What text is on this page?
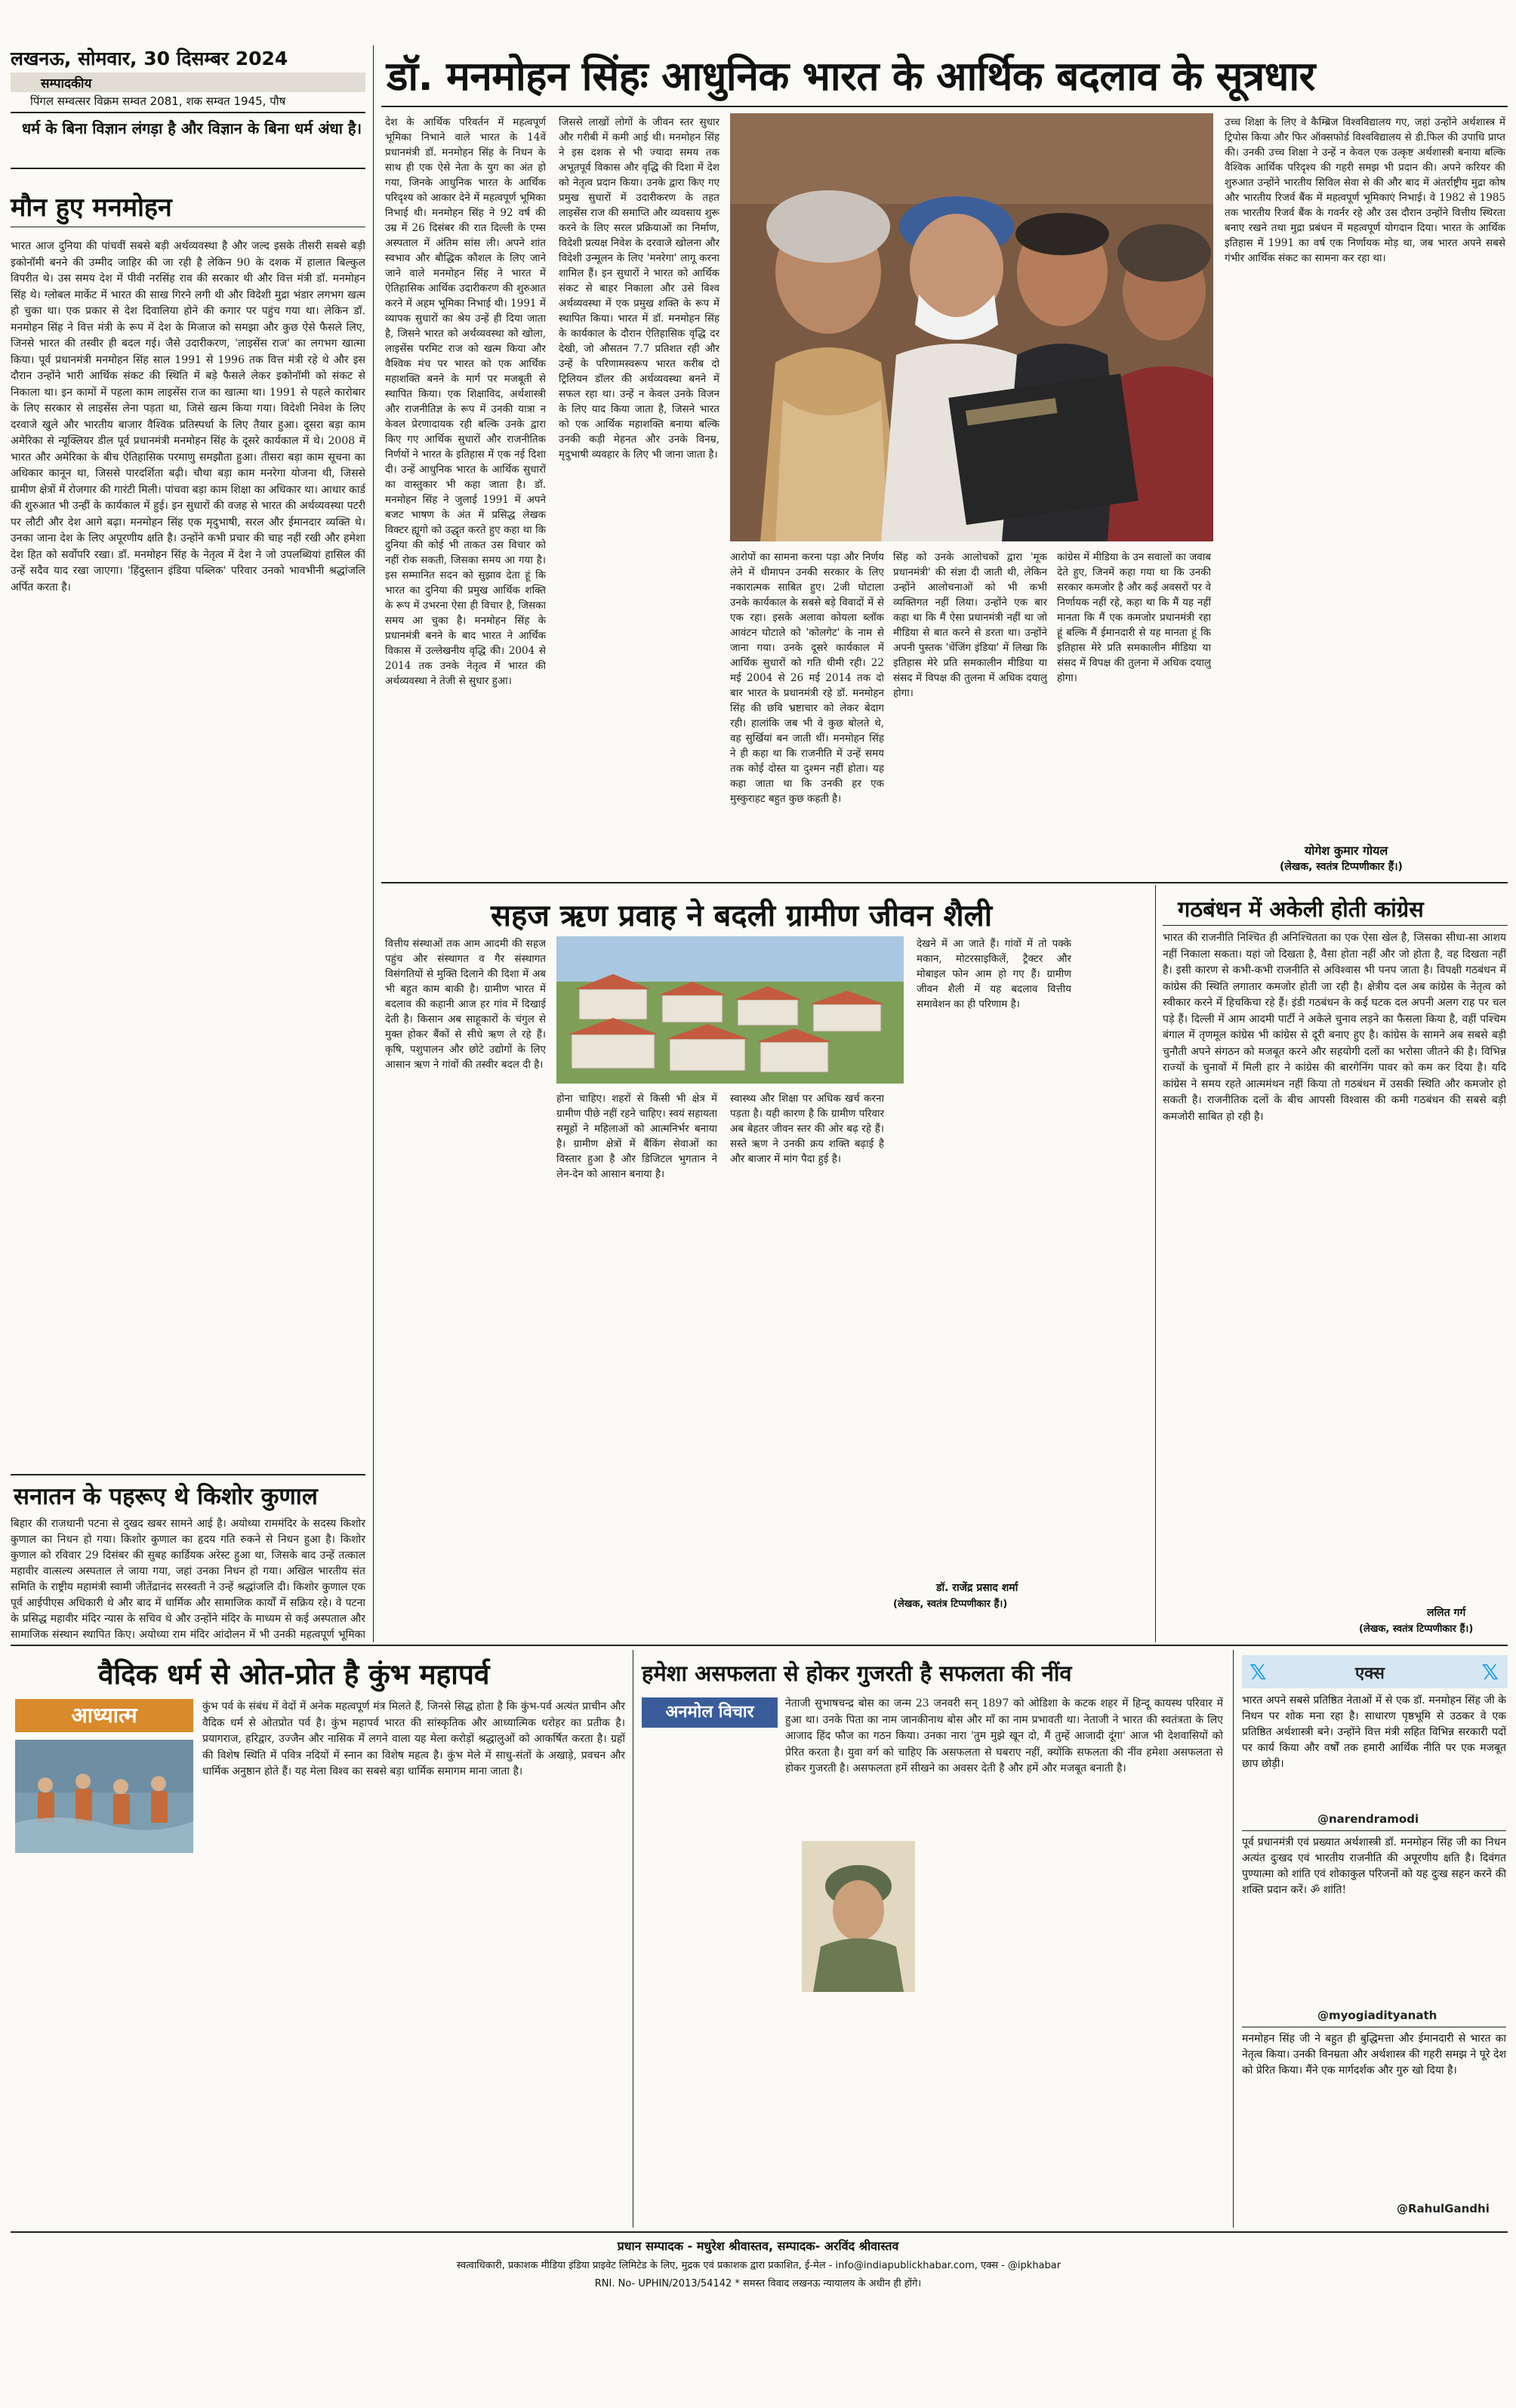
लखनऊ, सोमवार, 30 दिसम्बर 2024
सम्पादकीय
पिंगल सम्वत्सर विक्रम सम्वत 2081, शक सम्वत 1945, पौष
धर्म के बिना विज्ञान लंगड़ा है और विज्ञान के बिना धर्म अंधा है।
मौन हुए मनमोहन
भारत आज दुनिया की पांचवीं सबसे बड़ी अर्थव्यवस्था है और जल्द इसके तीसरी सबसे बड़ी इकोनॉमी बनने की उम्मीद जाहिर की जा रही है लेकिन 90 के दशक में हालात बिल्कुल विपरीत थे। उस समय देश में पीवी नरसिंह राव की सरकार थी और वित्त मंत्री डॉ. मनमोहन सिंह थे। ग्लोबल मार्केट में भारत की साख गिरने लगी थी और विदेशी मुद्रा भंडार लगभग खत्म हो चुका था। एक प्रकार से देश दिवालिया होने की कगार पर पहुंच गया था। लेकिन डॉ. मनमोहन सिंह ने वित्त मंत्री के रूप में देश के मिजाज को समझा और कुछ ऐसे फैसले लिए, जिनसे भारत की तस्वीर ही बदल गई। जैसे उदारीकरण, 'लाइसेंस राज' का लगभग खात्मा किया। पूर्व प्रधानमंत्री मनमोहन सिंह साल 1991 से 1996 तक वित्त मंत्री रहे थे और इस दौरान उन्होंने भारी आर्थिक संकट की स्थिति में बड़े फैसले लेकर इकोनॉमी को संकट से निकाला था। इन कामों में पहला काम लाइसेंस राज का खात्मा था। 1991 से पहले कारोबार के लिए सरकार से लाइसेंस लेना पड़ता था, जिसे खत्म किया गया। विदेशी निवेश के लिए दरवाजे खुले और भारतीय बाजार वैश्विक प्रतिस्पर्धा के लिए तैयार हुआ। दूसरा बड़ा काम अमेरिका से न्यूक्लियर डील पूर्व प्रधानमंत्री मनमोहन सिंह के दूसरे कार्यकाल में थे। 2008 में भारत और अमेरिका के बीच ऐतिहासिक परमाणु समझौता हुआ। तीसरा बड़ा काम सूचना का अधिकार कानून था, जिससे पारदर्शिता बढ़ी। चौथा बड़ा काम मनरेगा योजना थी, जिससे ग्रामीण क्षेत्रों में रोजगार की गारंटी मिली। पांचवा बड़ा काम शिक्षा का अधिकार था। आधार कार्ड की शुरुआत भी उन्हीं के कार्यकाल में हुई। इन सुधारों की वजह से भारत की अर्थव्यवस्था पटरी पर लौटी और देश आगे बढ़ा। मनमोहन सिंह एक मृदुभाषी, सरल और ईमानदार व्यक्ति थे। उनका जाना देश के लिए अपूरणीय क्षति है। उन्होंने कभी प्रचार की चाह नहीं रखी और हमेशा देश हित को सर्वोपरि रखा। डॉ. मनमोहन सिंह के नेतृत्व में देश ने जो उपलब्धियां हासिल कीं उन्हें सदैव याद रखा जाएगा। 'हिंदुस्तान इंडिया पब्लिक' परिवार उनको भावभीनी श्रद्धांजलि अर्पित करता है।
डॉ. मनमोहन सिंहः आधुनिक भारत के आर्थिक बदलाव के सूत्रधार
देश के आर्थिक परिवर्तन में महत्वपूर्ण भूमिका निभाने वाले भारत के 14वें प्रधानमंत्री डॉ. मनमोहन सिंह के निधन के साथ ही एक ऐसे नेता के युग का अंत हो गया, जिनके आधुनिक भारत के आर्थिक परिदृश्य को आकार देने में महत्वपूर्ण भूमिका निभाई थी। मनमोहन सिंह ने 92 वर्ष की उम्र में 26 दिसंबर की रात दिल्ली के एम्स अस्पताल में अंतिम सांस ली। अपने शांत स्वभाव और बौद्धिक कौशल के लिए जाने जाने वाले मनमोहन सिंह ने भारत में ऐतिहासिक आर्थिक उदारीकरण की शुरुआत करने में अहम भूमिका निभाई थी। 1991 में व्यापक सुधारों का श्रेय उन्हें ही दिया जाता है, जिसने भारत को अर्थव्यवस्था को खोला, लाइसेंस परमिट राज को खत्म किया और वैश्विक मंच पर भारत को एक आर्थिक महाशक्ति बनने के मार्ग पर मजबूती से स्थापित किया। एक शिक्षाविद, अर्थशास्त्री और राजनीतिज्ञ के रूप में उनकी यात्रा न केवल प्रेरणादायक रही बल्कि उनके द्वारा किए गए आर्थिक सुधारों और राजनीतिक निर्णयों ने भारत के इतिहास में एक नई दिशा दी। उन्हें आधुनिक भारत के आर्थिक सुधारों का वास्तुकार भी कहा जाता है। डॉ. मनमोहन सिंह ने जुलाई 1991 में अपने बजट भाषण के अंत में प्रसिद्ध लेखक विक्टर ह्यूगो को उद्धृत करते हुए कहा था कि दुनिया की कोई भी ताकत उस विचार को नहीं रोक सकती, जिसका समय आ गया है। इस सम्मानित सदन को सुझाव देता हूं कि भारत का दुनिया की प्रमुख आर्थिक शक्ति के रूप में उभरना ऐसा ही विचार है, जिसका समय आ चुका है। मनमोहन सिंह के प्रधानमंत्री बनने के बाद भारत ने आर्थिक विकास में उल्लेखनीय वृद्धि की। 2004 से 2014 तक उनके नेतृत्व में भारत की अर्थव्यवस्था ने तेजी से सुधार हुआ।
जिससे लाखों लोगों के जीवन स्तर सुधार और गरीबी में कमी आई थी। मनमोहन सिंह ने इस दशक से भी ज्यादा समय तक अभूतपूर्व विकास और वृद्धि की दिशा में देश को नेतृत्व प्रदान किया। उनके द्वारा किए गए प्रमुख सुधारों में उदारीकरण के तहत लाइसेंस राज की समाप्ति और व्यवसाय शुरू करने के लिए सरल प्रक्रियाओं का निर्माण, विदेशी प्रत्यक्ष निवेश के दरवाजे खोलना और विदेशी उन्मूलन के लिए 'मनरेगा' लागू करना शामिल हैं। इन सुधारों ने भारत को आर्थिक संकट से बाहर निकाला और उसे विश्व अर्थव्यवस्था में एक प्रमुख शक्ति के रूप में स्थापित किया। भारत में डॉ. मनमोहन सिंह के कार्यकाल के दौरान ऐतिहासिक वृद्धि दर देखी, जो औसतन 7.7 प्रतिशत रही और उन्हें के परिणामस्वरूप भारत करीब दो ट्रिलियन डॉलर की अर्थव्यवस्था बनने में सफल रहा था। उन्हें न केवल उनके विजन के लिए याद किया जाता है, जिसने भारत को एक आर्थिक महाशक्ति बनाया बल्कि उनकी कड़ी मेहनत और उनके विनम्र, मृदुभाषी व्यवहार के लिए भी जाना जाता है।
आरोपों का सामना करना पड़ा और निर्णय लेने में धीमापन उनकी सरकार के लिए नकारात्मक साबित हुए। 2जी घोटाला उनके कार्यकाल के सबसे बड़े विवादों में से एक रहा। इसके अलावा कोयला ब्लॉक आवंटन घोटाले को 'कोलगेट' के नाम से जाना गया। उनके दूसरे कार्यकाल में आर्थिक सुधारों को गति धीमी रही। 22 मई 2004 से 26 मई 2014 तक दो बार भारत के प्रधानमंत्री रहे डॉ. मनमोहन सिंह की छवि भ्रष्टाचार को लेकर बेदाग रही। हालांकि जब भी वे कुछ बोलते थे, वह सुर्खियां बन जाती थीं। मनमोहन सिंह ने ही कहा था कि राजनीति में उन्हें समय तक कोई दोस्त या दुश्मन नहीं होता। यह कहा जाता था कि उनकी हर एक मुस्कुराहट बहुत कुछ कहती है।
सिंह को उनके आलोचकों द्वारा 'मूक प्रधानमंत्री' की संज्ञा दी जाती थी, लेकिन उन्होंने आलोचनाओं को भी कभी व्यक्तिगत नहीं लिया। उन्होंने एक बार कहा था कि मैं ऐसा प्रधानमंत्री नहीं था जो मीडिया से बात करने से डरता था। उन्होंने अपनी पुस्तक 'चेंजिंग इंडिया' में लिखा कि इतिहास मेरे प्रति समकालीन मीडिया या संसद में विपक्ष की तुलना में अधिक दयालु होगा।
कांग्रेस में मीडिया के उन सवालों का जवाब देते हुए, जिनमें कहा गया था कि उनकी सरकार कमजोर है और कई अवसरों पर वे निर्णायक नहीं रहे, कहा था कि मैं यह नहीं मानता कि मैं एक कमजोर प्रधानमंत्री रहा हूं बल्कि मैं ईमानदारी से यह मानता हूं कि इतिहास मेरे प्रति समकालीन मीडिया या संसद में विपक्ष की तुलना में अधिक दयालु होगा।
उच्च शिक्षा के लिए वे कैम्ब्रिज विश्वविद्यालय गए, जहां उन्होंने अर्थशास्त्र में ट्रिपोस किया और फिर ऑक्सफोर्ड विश्वविद्यालय से डी.फिल की उपाधि प्राप्त की। उनकी उच्च शिक्षा ने उन्हें न केवल एक उत्कृष्ट अर्थशास्त्री बनाया बल्कि वैश्विक आर्थिक परिदृश्य की गहरी समझ भी प्रदान की। अपने करियर की शुरुआत उन्होंने भारतीय सिविल सेवा से की और बाद में अंतर्राष्ट्रीय मुद्रा कोष और भारतीय रिजर्व बैंक में महत्वपूर्ण भूमिकाएं निभाई। वे 1982 से 1985 तक भारतीय रिजर्व बैंक के गवर्नर रहे और उस दौरान उन्होंने वित्तीय स्थिरता बनाए रखने तथा मुद्रा प्रबंधन में महत्वपूर्ण योगदान दिया। भारत के आर्थिक इतिहास में 1991 का वर्ष एक निर्णायक मोड़ था, जब भारत अपने सबसे गंभीर आर्थिक संकट का सामना कर रहा था।
योगेश कुमार गोयल
(लेखक, स्वतंत्र टिप्पणीकार हैं।)
सहज ऋण प्रवाह ने बदली ग्रामीण जीवन शैली
वित्तीय संस्थाओं तक आम आदमी की सहज पहुंच और संस्थागत व गैर संस्थागत विसंगतियों से मुक्ति दिलाने की दिशा में अब भी बहुत काम बाकी है। ग्रामीण भारत में बदलाव की कहानी आज हर गांव में दिखाई देती है। किसान अब साहूकारों के चंगुल से मुक्त होकर बैंकों से सीधे ऋण ले रहे हैं। कृषि, पशुपालन और छोटे उद्योगों के लिए आसान ऋण ने गांवों की तस्वीर बदल दी है।
होना चाहिए। शहरों से किसी भी क्षेत्र में ग्रामीण पीछे नहीं रहने चाहिए। स्वयं सहायता समूहों ने महिलाओं को आत्मनिर्भर बनाया है। ग्रामीण क्षेत्रों में बैंकिंग सेवाओं का विस्तार हुआ है और डिजिटल भुगतान ने लेन-देन को आसान बनाया है।
स्वास्थ्य और शिक्षा पर अधिक खर्च करना पड़ता है। यही कारण है कि ग्रामीण परिवार अब बेहतर जीवन स्तर की ओर बढ़ रहे हैं। सस्ते ऋण ने उनकी क्रय शक्ति बढ़ाई है और बाजार में मांग पैदा हुई है।
देखने में आ जाते हैं। गांवों में तो पक्के मकान, मोटरसाइकिलें, ट्रैक्टर और मोबाइल फोन आम हो गए हैं। ग्रामीण जीवन शैली में यह बदलाव वित्तीय समावेशन का ही परिणाम है।
डॉ. राजेंद्र प्रसाद शर्मा
(लेखक, स्वतंत्र टिप्पणीकार हैं।)
गठबंधन में अकेली होती कांग्रेस
भारत की राजनीति निश्चित ही अनिश्चितता का एक ऐसा खेल है, जिसका सीधा-सा आशय नहीं निकाला सकता। यहां जो दिखता है, वैसा होता नहीं और जो होता है, वह दिखता नहीं है। इसी कारण से कभी-कभी राजनीति से अविश्वास भी पनप जाता है। विपक्षी गठबंधन में कांग्रेस की स्थिति लगातार कमजोर होती जा रही है। क्षेत्रीय दल अब कांग्रेस के नेतृत्व को स्वीकार करने में हिचकिचा रहे हैं। इंडी गठबंधन के कई घटक दल अपनी अलग राह पर चल पड़े हैं। दिल्ली में आम आदमी पार्टी ने अकेले चुनाव लड़ने का फैसला किया है, वहीं पश्चिम बंगाल में तृणमूल कांग्रेस भी कांग्रेस से दूरी बनाए हुए है। कांग्रेस के सामने अब सबसे बड़ी चुनौती अपने संगठन को मजबूत करने और सहयोगी दलों का भरोसा जीतने की है। विभिन्न राज्यों के चुनावों में मिली हार ने कांग्रेस की बारगेनिंग पावर को कम कर दिया है। यदि कांग्रेस ने समय रहते आत्ममंथन नहीं किया तो गठबंधन में उसकी स्थिति और कमजोर हो सकती है। राजनीतिक दलों के बीच आपसी विश्वास की कमी गठबंधन की सबसे बड़ी कमजोरी साबित हो रही है।
ललित गर्ग
(लेखक, स्वतंत्र टिप्पणीकार हैं।)
सनातन के पहरूए थे किशोर कुणाल
बिहार की राजधानी पटना से दुखद खबर सामने आई है। अयोध्या राममंदिर के सदस्य किशोर कुणाल का निधन हो गया। किशोर कुणाल का हृदय गति रुकने से निधन हुआ है। किशोर कुणाल को रविवार 29 दिसंबर की सुबह कार्डियक अरेस्ट हुआ था, जिसके बाद उन्हें तत्काल महावीर वात्सल्य अस्पताल ले जाया गया, जहां उनका निधन हो गया। अखिल भारतीय संत समिति के राष्ट्रीय महामंत्री स्वामी जीतेंद्रानंद सरस्वती ने उन्हें श्रद्धांजलि दी। किशोर कुणाल एक पूर्व आईपीएस अधिकारी थे और बाद में धार्मिक और सामाजिक कार्यों में सक्रिय रहे। वे पटना के प्रसिद्ध महावीर मंदिर न्यास के सचिव थे और उन्होंने मंदिर के माध्यम से कई अस्पताल और सामाजिक संस्थान स्थापित किए। अयोध्या राम मंदिर आंदोलन में भी उनकी महत्वपूर्ण भूमिका
वैदिक धर्म से ओत-प्रोत है कुंभ महापर्व
आध्यात्म	कुंभ पर्व के संबंध में वेदों में अनेक महत्वपूर्ण मंत्र मिलते हैं, जिनसे सिद्ध होता है कि कुंभ-पर्व अत्यंत प्राचीन और वैदिक धर्म से ओतप्रोत पर्व है। कुंभ महापर्व भारत की सांस्कृतिक और आध्यात्मिक धरोहर का प्रतीक है। प्रयागराज, हरिद्वार, उज्जैन और नासिक में लगने वाला यह मेला करोड़ों श्रद्धालुओं को आकर्षित करता है। ग्रहों की विशेष स्थिति में पवित्र नदियों में स्नान का विशेष महत्व है। कुंभ मेले में साधु-संतों के अखाड़े, प्रवचन और धार्मिक अनुष्ठान होते हैं। यह मेला विश्व का सबसे बड़ा धार्मिक समागम माना जाता है।
हमेशा असफलता से होकर गुजरती है सफलता की नींव
अनमोल विचार	नेताजी सुभाषचन्द्र बोस का जन्म 23 जनवरी सन् 1897 को ओडिशा के कटक शहर में हिन्दू कायस्थ परिवार में हुआ था। उनके पिता का नाम जानकीनाथ बोस और माँ का नाम प्रभावती था। नेताजी ने भारत की स्वतंत्रता के लिए आजाद हिंद फौज का गठन किया। उनका नारा 'तुम मुझे खून दो, मैं तुम्हें आजादी दूंगा' आज भी देशवासियों को प्रेरित करता है। युवा वर्ग को चाहिए कि असफलता से घबराए नहीं, क्योंकि सफलता की नींव हमेशा असफलता से होकर गुजरती है। असफलता हमें सीखने का अवसर देती है और हमें और मजबूत बनाती है।
𝕏	एक्स	𝕏
भारत अपने सबसे प्रतिष्ठित नेताओं में से एक डॉ. मनमोहन सिंह जी के निधन पर शोक मना रहा है। साधारण पृष्ठभूमि से उठकर वे एक प्रतिष्ठित अर्थशास्त्री बने। उन्होंने वित्त मंत्री सहित विभिन्न सरकारी पदों पर कार्य किया और वर्षों तक हमारी आर्थिक नीति पर एक मजबूत छाप छोड़ी।
@narendramodi
पूर्व प्रधानमंत्री एवं प्रख्यात अर्थशास्त्री डॉ. मनमोहन सिंह जी का निधन अत्यंत दुःखद एवं भारतीय राजनीति की अपूरणीय क्षति है। दिवंगत पुण्यात्मा को शांति एवं शोकाकुल परिजनों को यह दुःख सहन करने की शक्ति प्रदान करें। ॐ शांति!
@myogiadityanath
मनमोहन सिंह जी ने बहुत ही बुद्धिमत्ता और ईमानदारी से भारत का नेतृत्व किया। उनकी विनम्रता और अर्थशास्त्र की गहरी समझ ने पूरे देश को प्रेरित किया। मैंने एक मार्गदर्शक और गुरु खो दिया है।
@RahulGandhi
प्रधान सम्पादक - मधुरेश श्रीवास्तव, सम्पादक- अरविंद श्रीवास्तव
स्वत्वाधिकारी, प्रकाशक मीडिया इंडिया प्राइवेट लिमिटेड के लिए, मुद्रक एवं प्रकाशक द्वारा प्रकाशित, ई-मेल - info@indiapublickhabar.com, एक्स - @ipkhabar
RNI. No- UPHIN/2013/54142 * समस्त विवाद लखनऊ न्यायालय के अधीन ही होंगे।
